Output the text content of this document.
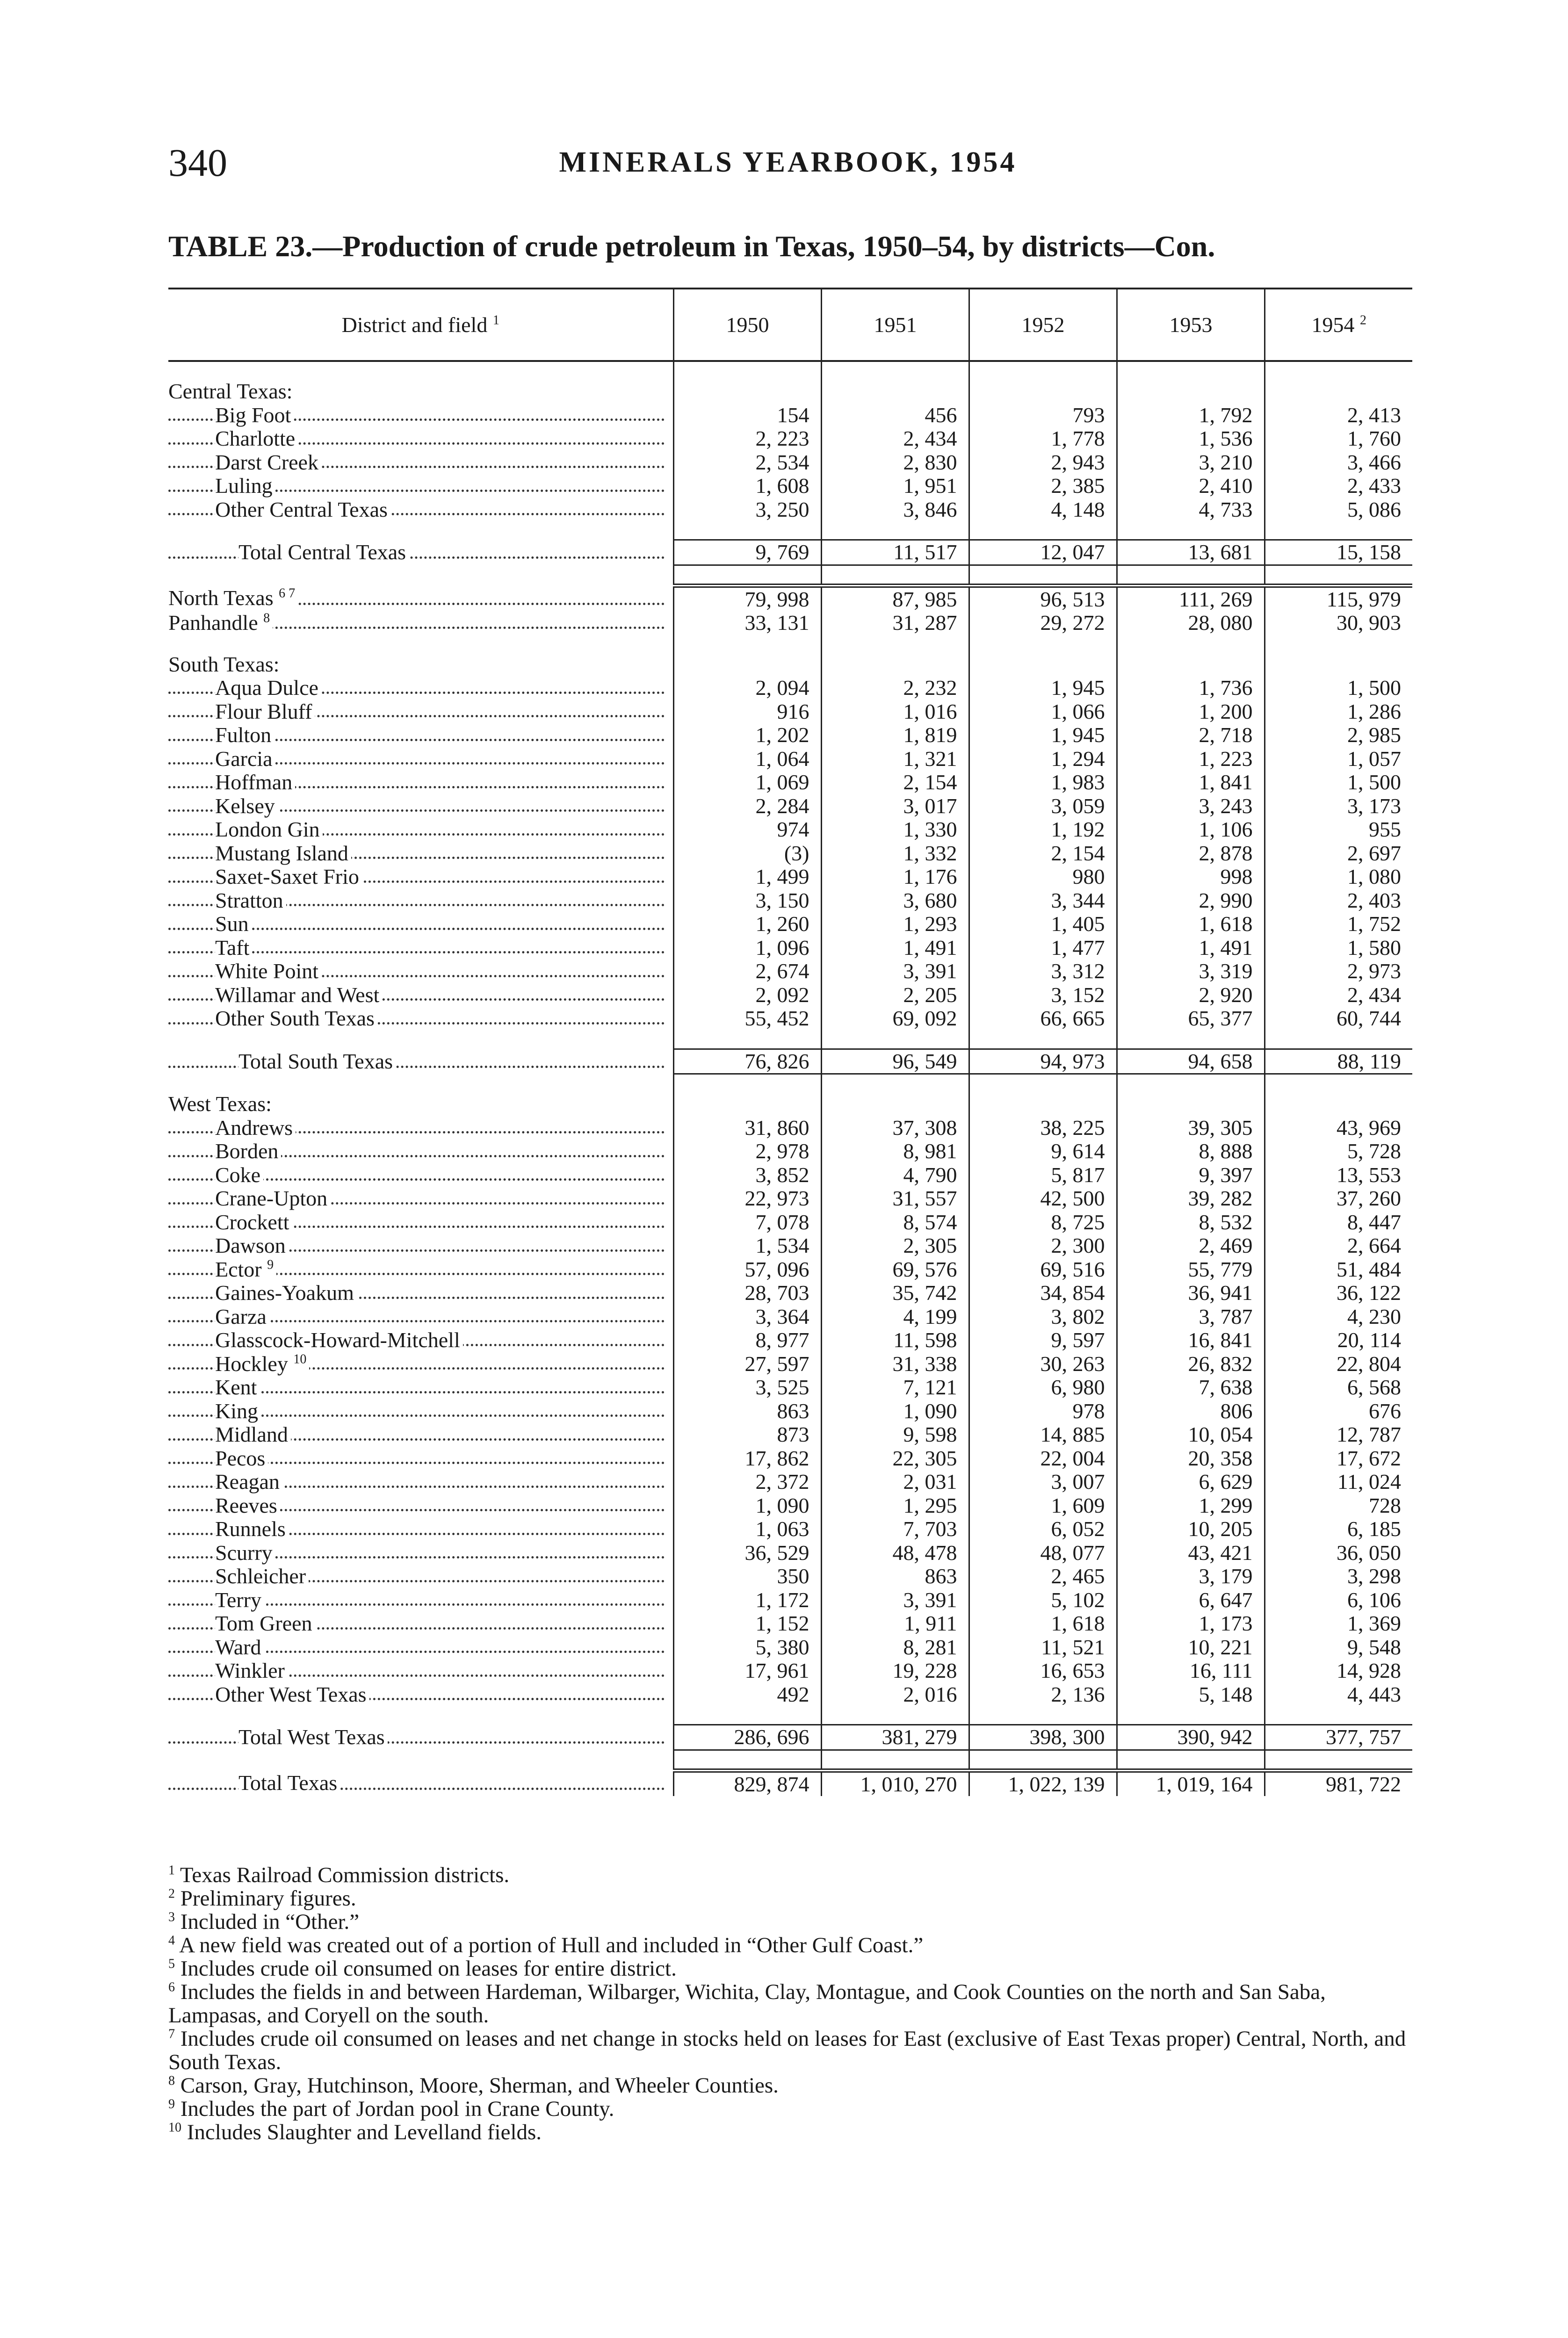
340	MINERALS YEARBOOK, 1954
TABLE 23.—Production of crude petroleum in Texas, 1950–54, by districts—Con.
District and field $^1$	1950	1951	1952	1953	1954 $^2$

Central Texas:					
Big Foot	154	456	793	1, 792	2, 413
Charlotte	2, 223	2, 434	1, 778	1, 536	1, 760
Darst Creek	2, 534	2, 830	2, 943	3, 210	3, 466
Luling	1, 608	1, 951	2, 385	2, 410	2, 433
Other Central Texas	3, 250	3, 846	4, 148	4, 733	5, 086

Total Central Texas	9, 769	11, 517	12, 047	13, 681	15, 158

North Texas $^{6 7}$	79, 998	87, 985	96, 513	111, 269	115, 979
Panhandle $^8$	33, 131	31, 287	29, 272	28, 080	30, 903

South Texas:					
Aqua Dulce	2, 094	2, 232	1, 945	1, 736	1, 500
Flour Bluff	916	1, 016	1, 066	1, 200	1, 286
Fulton	1, 202	1, 819	1, 945	2, 718	2, 985
Garcia	1, 064	1, 321	1, 294	1, 223	1, 057
Hoffman	1, 069	2, 154	1, 983	1, 841	1, 500
Kelsey	2, 284	3, 017	3, 059	3, 243	3, 173
London Gin	974	1, 330	1, 192	1, 106	955
Mustang Island	(3)	1, 332	2, 154	2, 878	2, 697
Saxet-Saxet Frio	1, 499	1, 176	980	998	1, 080
Stratton	3, 150	3, 680	3, 344	2, 990	2, 403
Sun	1, 260	1, 293	1, 405	1, 618	1, 752
Taft	1, 096	1, 491	1, 477	1, 491	1, 580
White Point	2, 674	3, 391	3, 312	3, 319	2, 973
Willamar and West	2, 092	2, 205	3, 152	2, 920	2, 434
Other South Texas	55, 452	69, 092	66, 665	65, 377	60, 744

Total South Texas	76, 826	96, 549	94, 973	94, 658	88, 119

West Texas:					
Andrews	31, 860	37, 308	38, 225	39, 305	43, 969
Borden	2, 978	8, 981	9, 614	8, 888	5, 728
Coke	3, 852	4, 790	5, 817	9, 397	13, 553
Crane-Upton	22, 973	31, 557	42, 500	39, 282	37, 260
Crockett	7, 078	8, 574	8, 725	8, 532	8, 447
Dawson	1, 534	2, 305	2, 300	2, 469	2, 664
Ector $^9$	57, 096	69, 576	69, 516	55, 779	51, 484
Gaines-Yoakum	28, 703	35, 742	34, 854	36, 941	36, 122
Garza	3, 364	4, 199	3, 802	3, 787	4, 230
Glasscock-Howard-Mitchell	8, 977	11, 598	9, 597	16, 841	20, 114
Hockley $^{10}$	27, 597	31, 338	30, 263	26, 832	22, 804
Kent	3, 525	7, 121	6, 980	7, 638	6, 568
King	863	1, 090	978	806	676
Midland	873	9, 598	14, 885	10, 054	12, 787
Pecos	17, 862	22, 305	22, 004	20, 358	17, 672
Reagan	2, 372	2, 031	3, 007	6, 629	11, 024
Reeves	1, 090	1, 295	1, 609	1, 299	728
Runnels	1, 063	7, 703	6, 052	10, 205	6, 185
Scurry	36, 529	48, 478	48, 077	43, 421	36, 050
Schleicher	350	863	2, 465	3, 179	3, 298
Terry	1, 172	3, 391	5, 102	6, 647	6, 106
Tom Green	1, 152	1, 911	1, 618	1, 173	1, 369
Ward	5, 380	8, 281	11, 521	10, 221	9, 548
Winkler	17, 961	19, 228	16, 653	16, 111	14, 928
Other West Texas	492	2, 016	2, 136	5, 148	4, 443

Total West Texas	286, 696	381, 279	398, 300	390, 942	377, 757

Total Texas	829, 874	1, 010, 270	1, 022, 139	1, 019, 164	981, 722
$^1$ Texas Railroad Commission districts.
$^2$ Preliminary figures.
$^3$ Included in “Other.”
$^4$ A new field was created out of a portion of Hull and included in “Other Gulf Coast.”
$^5$ Includes crude oil consumed on leases for entire district.
$^6$ Includes the fields in and between Hardeman, Wilbarger, Wichita, Clay, Montague, and Cook Counties on the north and San Saba, Lampasas, and Coryell on the south.
$^7$ Includes crude oil consumed on leases and net change in stocks held on leases for East (exclusive of East Texas proper) Central, North, and South Texas.
$^8$ Carson, Gray, Hutchinson, Moore, Sherman, and Wheeler Counties.
$^9$ Includes the part of Jordan pool in Crane County.
$^{10}$ Includes Slaughter and Levelland fields.
